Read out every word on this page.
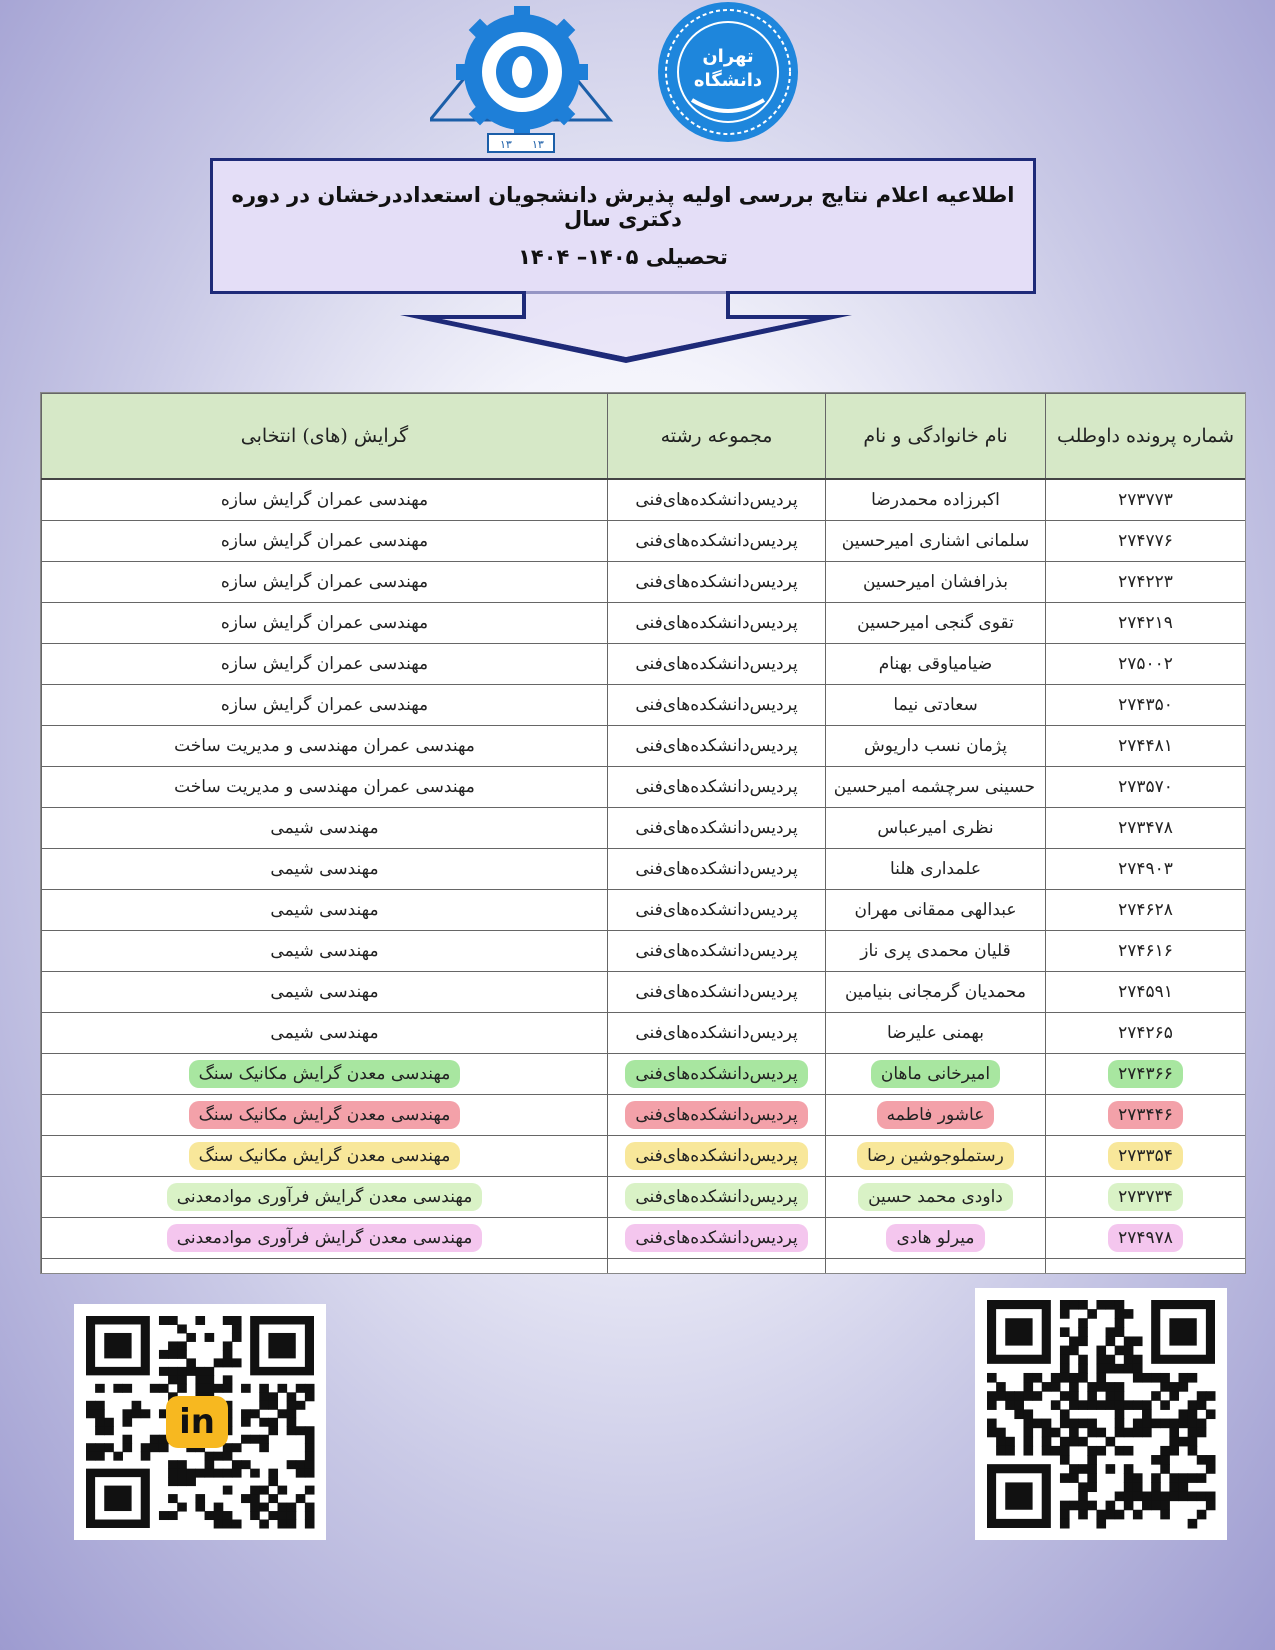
۱۳ ۱۳
تهران
دانشگاه
اطلاعیه اعلام نتایج بررسی اولیه پذیرش دانشجویان استعداددرخشان در دوره دکتری سال
تحصیلی ۱۴۰۵– ۱۴۰۴
شماره پرونده داوطلب	نام خانوادگی و نام	مجموعه رشته	گرایش (های) انتخابی
۲۷۳۷۷۳	اکبرزاده محمدرضا	پردیس‌دانشکده‌های‌فنی	مهندسی عمران گرایش سازه
۲۷۴۷۷۶	سلمانی اشناری امیرحسین	پردیس‌دانشکده‌های‌فنی	مهندسی عمران گرایش سازه
۲۷۴۲۲۳	بذرافشان امیرحسین	پردیس‌دانشکده‌های‌فنی	مهندسی عمران گرایش سازه
۲۷۴۲۱۹	تقوی گنجی امیرحسین	پردیس‌دانشکده‌های‌فنی	مهندسی عمران گرایش سازه
۲۷۵۰۰۲	ضیامیاوقی بهنام	پردیس‌دانشکده‌های‌فنی	مهندسی عمران گرایش سازه
۲۷۴۳۵۰	سعادتی نیما	پردیس‌دانشکده‌های‌فنی	مهندسی عمران گرایش سازه
۲۷۴۴۸۱	پژمان نسب داریوش	پردیس‌دانشکده‌های‌فنی	مهندسی عمران مهندسی و مدیریت ساخت
۲۷۳۵۷۰	حسینی سرچشمه امیرحسین	پردیس‌دانشکده‌های‌فنی	مهندسی عمران مهندسی و مدیریت ساخت
۲۷۳۴۷۸	نظری امیرعباس	پردیس‌دانشکده‌های‌فنی	مهندسی شیمی
۲۷۴۹۰۳	علمداری هلنا	پردیس‌دانشکده‌های‌فنی	مهندسی شیمی
۲۷۴۶۲۸	عبدالهی ممقانی مهران	پردیس‌دانشکده‌های‌فنی	مهندسی شیمی
۲۷۴۶۱۶	قلیان محمدی پری ناز	پردیس‌دانشکده‌های‌فنی	مهندسی شیمی
۲۷۴۵۹۱	محمدیان گرمجانی بنیامین	پردیس‌دانشکده‌های‌فنی	مهندسی شیمی
۲۷۴۲۶۵	بهمنی علیرضا	پردیس‌دانشکده‌های‌فنی	مهندسی شیمی
۲۷۴۳۶۶	امیرخانی ماهان	پردیس‌دانشکده‌های‌فنی	مهندسی معدن گرایش مکانیک سنگ
۲۷۳۴۴۶	عاشور فاطمه	پردیس‌دانشکده‌های‌فنی	مهندسی معدن گرایش مکانیک سنگ
۲۷۳۳۵۴	رستملوجوشین رضا	پردیس‌دانشکده‌های‌فنی	مهندسی معدن گرایش مکانیک سنگ
۲۷۳۷۳۴	داودی محمد حسین	پردیس‌دانشکده‌های‌فنی	مهندسی معدن گرایش فرآوری موادمعدنی
۲۷۴۹۷۸	میرلو هادی	پردیس‌دانشکده‌های‌فنی	مهندسی معدن گرایش فرآوری موادمعدنی

in
